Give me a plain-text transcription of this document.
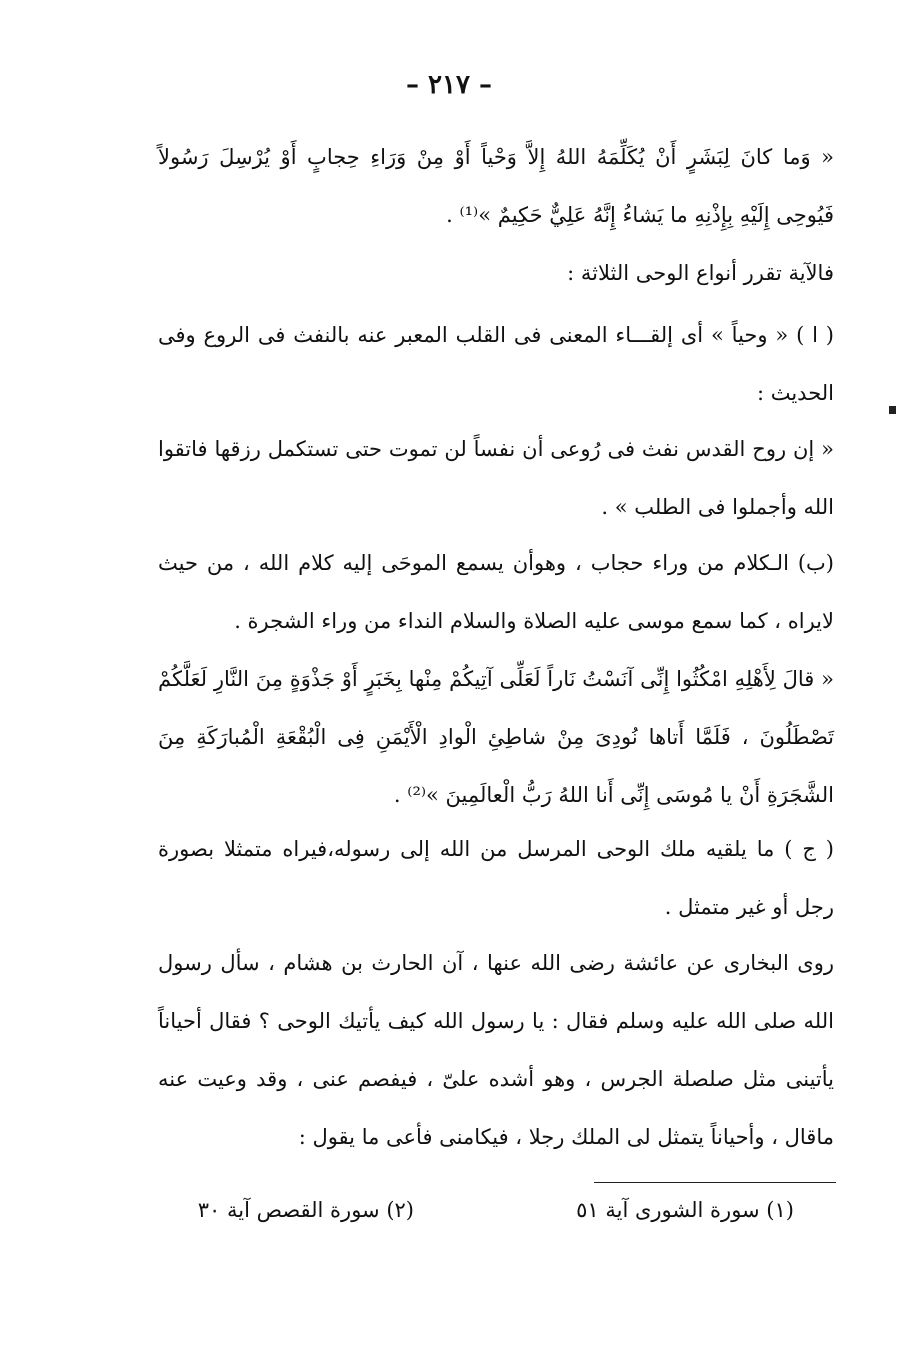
– ٢١٧ –

« وَما كانَ لِبَشَرٍ أَنْ يُكَلِّمَهُ اللهُ إِلاَّ وَحْياً أَوْ مِنْ وَرَاءِ حِجابٍ أَوْ يُرْسِلَ رَسُولاً فَيُوحِى إِلَيْهِ بِإِذْنِهِ ما يَشاءُ إِنَّهُ عَلِيٌّ حَكِيمٌ »⁽¹⁾ .

فالآية تقرر أنواع الوحى الثلاثة :

( ا ) « وحياً » أى إلقـــاء المعنى فى القلب المعبر عنه بالنفث فى الروع وفى الحديث :

« إن روح القدس نفث فى رُوعى أن نفساً لن تموت حتى تستكمل رزقها فاتقوا الله وأجملوا فى الطلب » .

(ب) الـكلام من وراء حجاب ، وهوأن يسمع الموحَى إليه كلام الله ، من حيث لايراه ، كما سمع موسى عليه الصلاة والسلام النداء من وراء الشجرة .

« قالَ لِأَهْلِهِ امْكُثُوا إِنِّى آنَسْتُ نَاراً لَعَلِّى آتِيكُمْ مِنْها بِخَبَرٍ أَوْ جَذْوَةٍ مِنَ النَّارِ لَعَلَّكُمْ تَصْطَلُونَ ، فَلَمَّا أَتاها نُودِىَ مِنْ شاطِئِ الْوادِ الْأَيْمَنِ فِى الْبُقْعَةِ الْمُبارَكَةِ مِنَ الشَّجَرَةِ أَنْ يا مُوسَى إِنِّى أَنا اللهُ رَبُّ الْعالَمِينَ »⁽²⁾ .

( ج ) ما يلقيه ملك الوحى المرسل من الله إلى رسوله،فيراه متمثلا بصورة رجل أو غير متمثل .

روى البخارى عن عائشة رضى الله عنها ، آن الحارث بن هشام ، سأل رسول الله صلى الله عليه وسلم فقال : يا رسول الله كيف يأتيك الوحى ؟ فقال أحياناً يأتينى مثل صلصلة الجرس ، وهو أشده علىّ ، فيفصم عنى ، وقد وعيت عنه ماقال ، وأحياناً يتمثل لى الملك رجلا ، فيكامنى فأعى ما يقول :

(١) سورة الشورى آية ٥١
(٢) سورة القصص آية ٣٠
